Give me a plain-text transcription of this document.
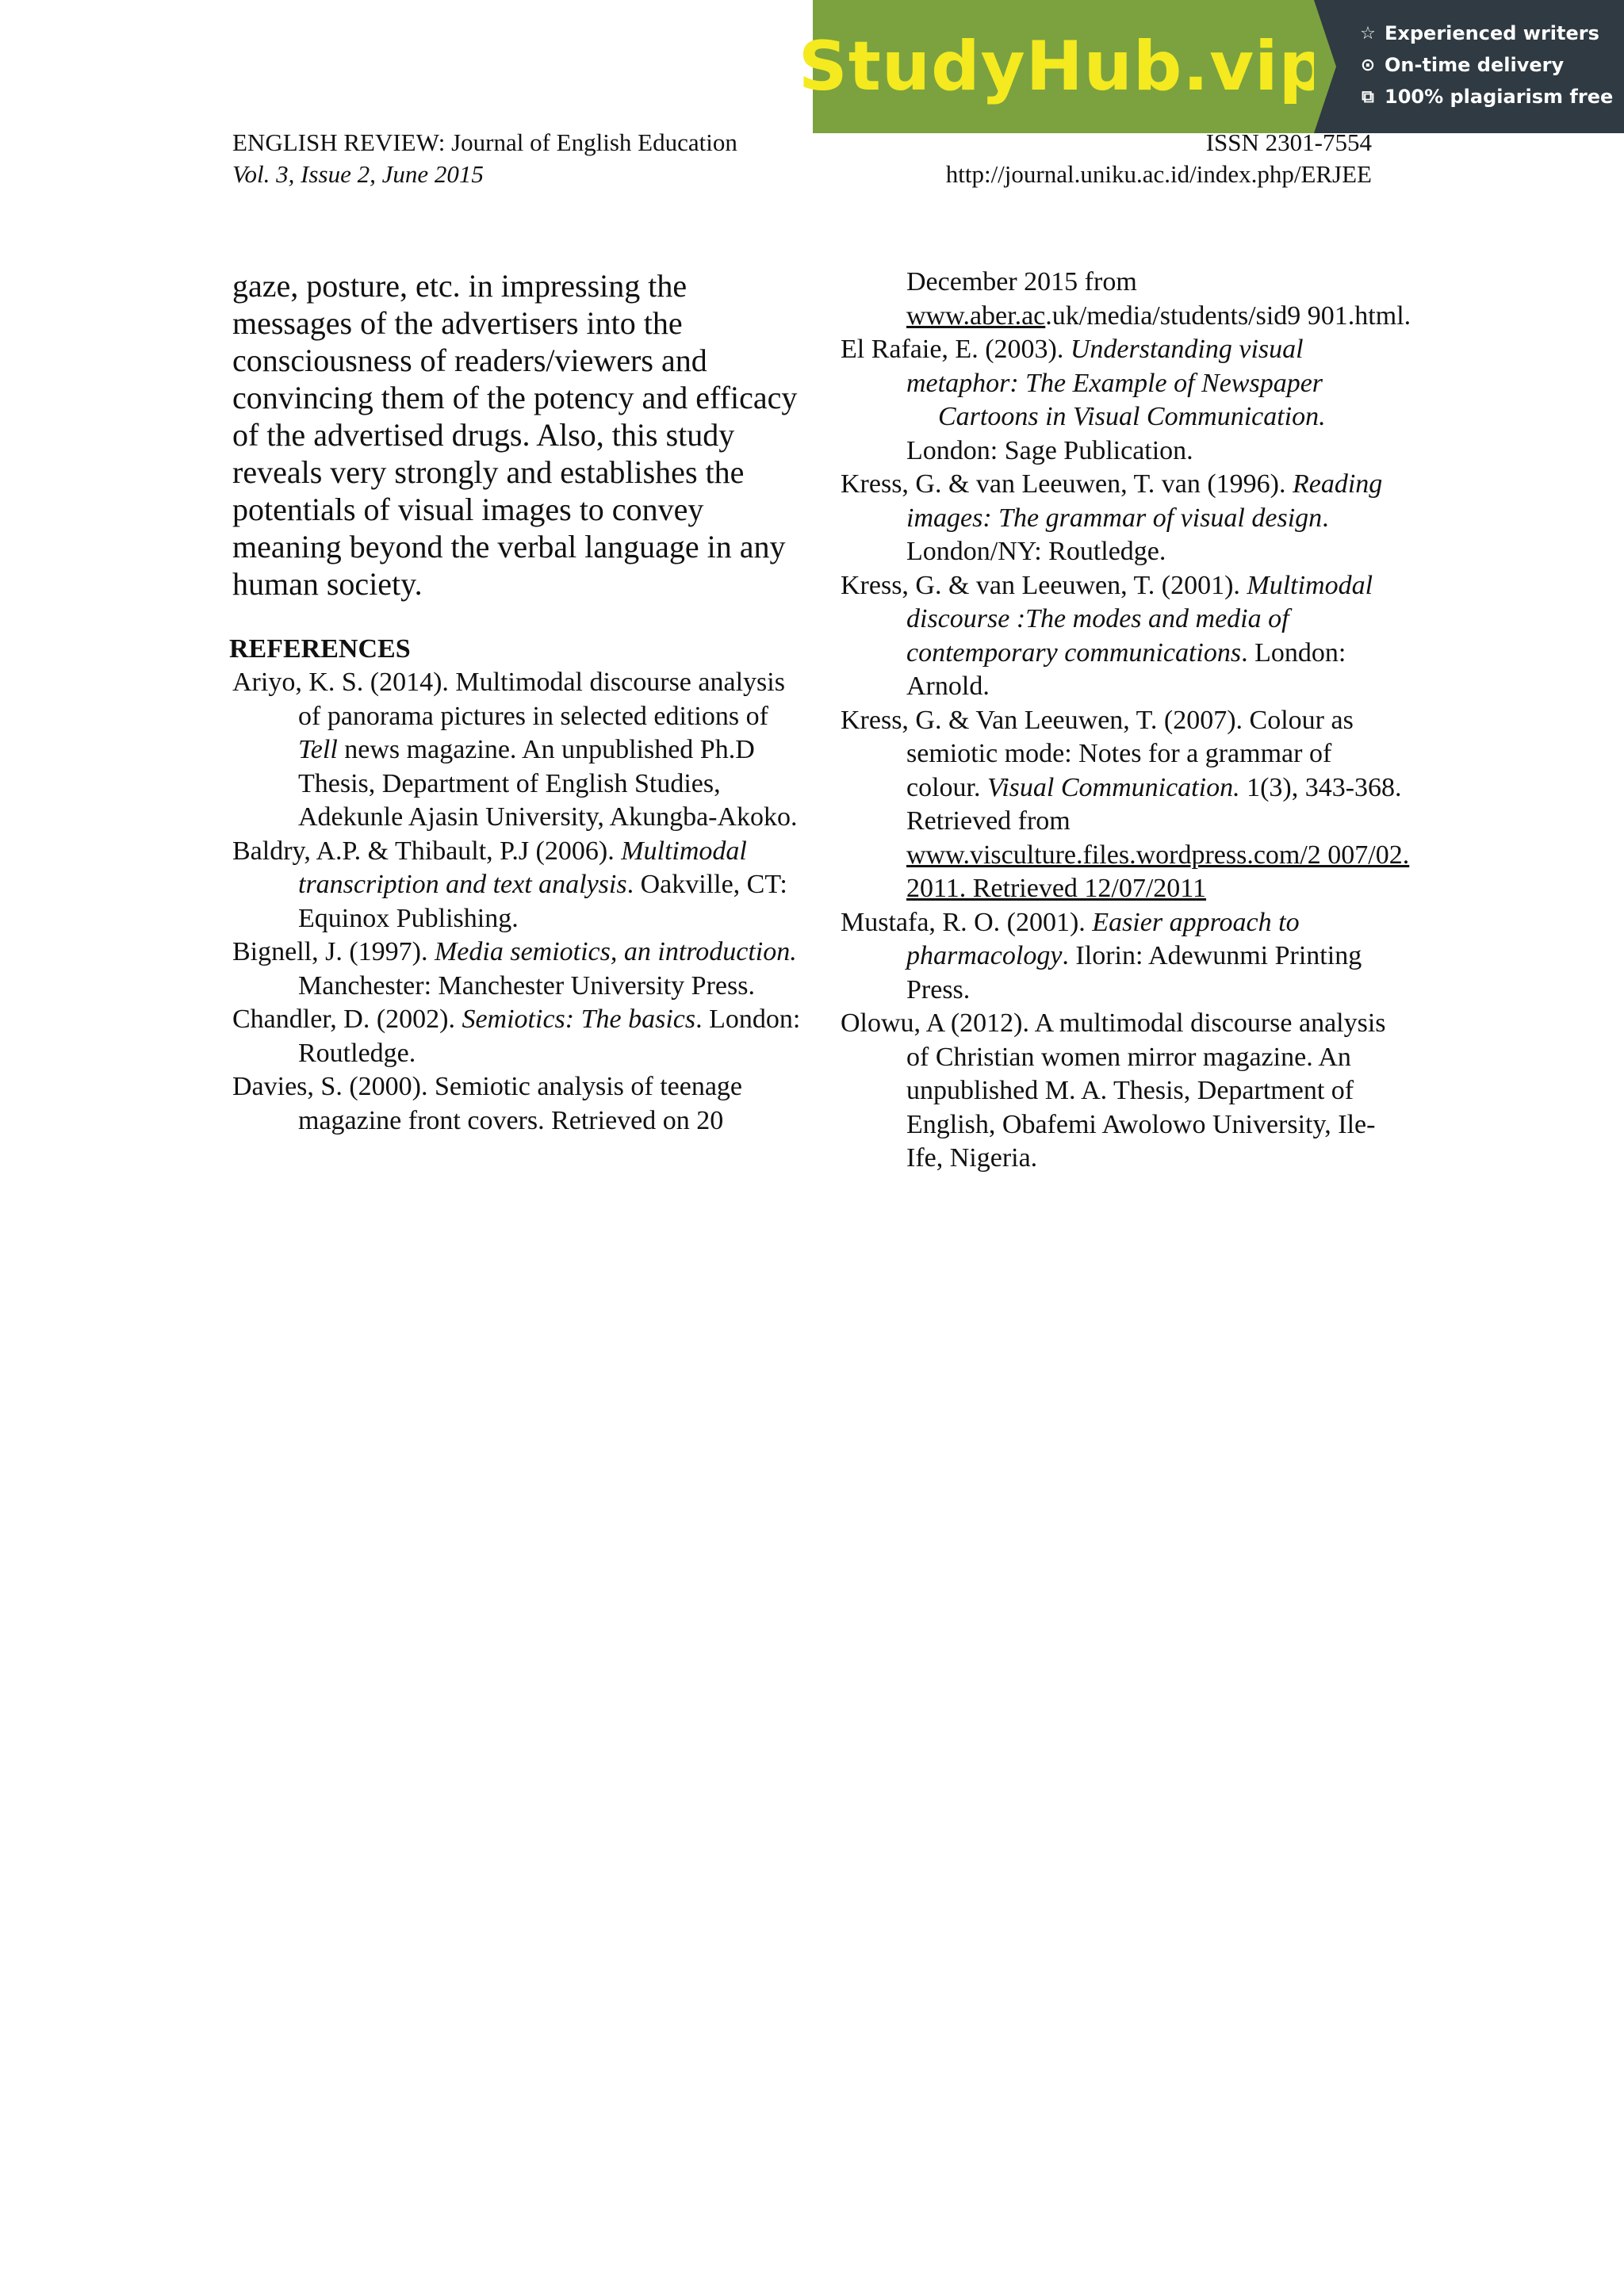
StudyHub.vip ☆ Experienced writers
⊙ On-time delivery
⧉ 100% plagiarism free
ENGLISH REVIEW: Journal of English Education	ISSN 2301-7554
Vol. 3, Issue 2, June 2015	http://journal.uniku.ac.id/index.php/ERJEE

gaze, posture, etc. in impressing the messages of the advertisers into the consciousness of readers/viewers and convincing them of the potency and efficacy of the advertised drugs. Also, this study reveals very strongly and establishes the potentials of visual images to convey meaning beyond the verbal language in any human society.

REFERENCES

Ariyo, K. S. (2014). Multimodal discourse analysis of panorama pictures in selected editions of Tell news magazine. An unpublished Ph.D Thesis, Department of English Studies, Adekunle Ajasin University, Akungba-Akoko.

Baldry, A.P. & Thibault, P.J (2006). Multimodal transcription and text analysis. Oakville, CT: Equinox Publishing.

Bignell, J. (1997). Media semiotics, an introduction. Manchester: Manchester University Press.

Chandler, D. (2002). Semiotics: The basics. London: Routledge.

Davies, S. (2000). Semiotic analysis of teenage magazine front covers. Retrieved on 20

December 2015 from
www.aber.ac.uk/media/students/sid9 901.html.

El Rafaie, E. (2003). Understanding visual metaphor: The Example of Newspaper
Cartoons in Visual Communication.
London: Sage Publication.

Kress, G. & van Leeuwen, T. van (1996). Reading images: The grammar of visual design. London/NY: Routledge.

Kress, G. & van Leeuwen, T. (2001). Multimodal discourse :The modes and media of contemporary communications. London: Arnold.

Kress, G. & Van Leeuwen, T. (2007). Colour as semiotic mode: Notes for a grammar of colour. Visual Communication. 1(3), 343-368. Retrieved from www.visculture.files.wordpress.com/2 007/02. 2011. Retrieved 12/07/2011

Mustafa, R. O. (2001). Easier approach to pharmacology. Ilorin: Adewunmi Printing Press.

Olowu, A (2012). A multimodal discourse analysis of Christian women mirror magazine. An unpublished M. A. Thesis, Department of English, Obafemi Awolowo University, Ile-Ife, Nigeria.
